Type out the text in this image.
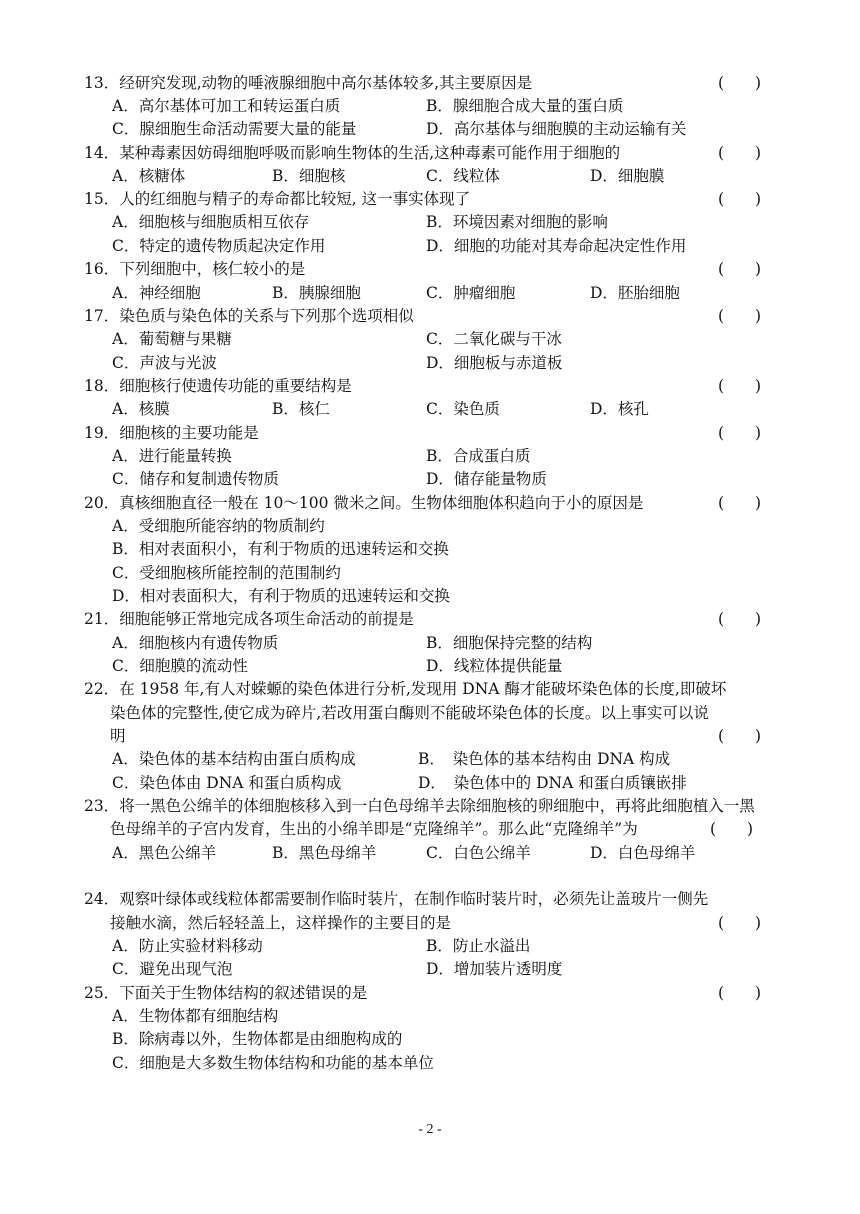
13．经研究发现,动物的唾液腺细胞中高尔基体较多,其主要原因是	(　　)
A．高尔基体可加工和转运蛋白质	B．腺细胞合成大量的蛋白质
C．腺细胞生命活动需要大量的能量	D．高尔基体与细胞膜的主动运输有关
14．某种毒素因妨碍细胞呼吸而影响生物体的生活,这种毒素可能作用于细胞的	(　　)
A．核糖体	B．细胞核	C．线粒体	D．细胞膜
15．人的红细胞与精子的寿命都比较短, 这一事实体现了	(　　)
A．细胞核与细胞质相互依存	B．环境因素对细胞的影响
C．特定的遗传物质起决定作用	D．细胞的功能对其寿命起决定性作用
16．下列细胞中，核仁较小的是	(　　)
A．神经细胞	B．胰腺细胞	C．肿瘤细胞	D．胚胎细胞
17．染色质与染色体的关系与下列那个选项相似	(　　)
A．葡萄糖与果糖	C．二氧化碳与干冰
C．声波与光波	D．细胞板与赤道板
18．细胞核行使遗传功能的重要结构是	(　　)
A．核膜	B．核仁	C．染色质	D．核孔
19．细胞核的主要功能是	(　　)
A．进行能量转换	B．合成蛋白质
C．储存和复制遗传物质	D．储存能量物质
20．真核细胞直径一般在 10～100 微米之间。生物体细胞体积趋向于小的原因是	(　　)
A．受细胞所能容纳的物质制约
B．相对表面积小，有利于物质的迅速转运和交换
C．受细胞核所能控制的范围制约
D．相对表面积大，有利于物质的迅速转运和交换
21．细胞能够正常地完成各项生命活动的前提是	(　　)
A．细胞核内有遗传物质	B．细胞保持完整的结构
C．细胞膜的流动性	D．线粒体提供能量
22．在 1958 年,有人对蝾螈的染色体进行分析,发现用 DNA 酶才能破坏染色体的长度,即破坏
染色体的完整性,使它成为碎片,若改用蛋白酶则不能破坏染色体的长度。以上事实可以说
明	(　　)
A．染色体的基本结构由蛋白质构成	B．　染色体的基本结构由 DNA 构成
C．染色体由 DNA 和蛋白质构成	D．　染色体中的 DNA 和蛋白质镶嵌排
23．将一黑色公绵羊的体细胞核移入到一白色母绵羊去除细胞核的卵细胞中，再将此细胞植入一黑
色母绵羊的子宫内发育，生出的小绵羊即是“克隆绵羊”。那么此“克隆绵羊”为	(　　)
A．黑色公绵羊	B．黑色母绵羊	C．白色公绵羊	D．白色母绵羊
24．观察叶绿体或线粒体都需要制作临时装片，在制作临时装片时，必须先让盖玻片一侧先
接触水滴，然后轻轻盖上，这样操作的主要目的是	(　　)
A．防止实验材料移动	B．防止水溢出
C．避免出现气泡	D．增加装片透明度
25．下面关于生物体结构的叙述错误的是	(　　)
A．生物体都有细胞结构
B．除病毒以外，生物体都是由细胞构成的
C．细胞是大多数生物体结构和功能的基本单位
- 2 -
